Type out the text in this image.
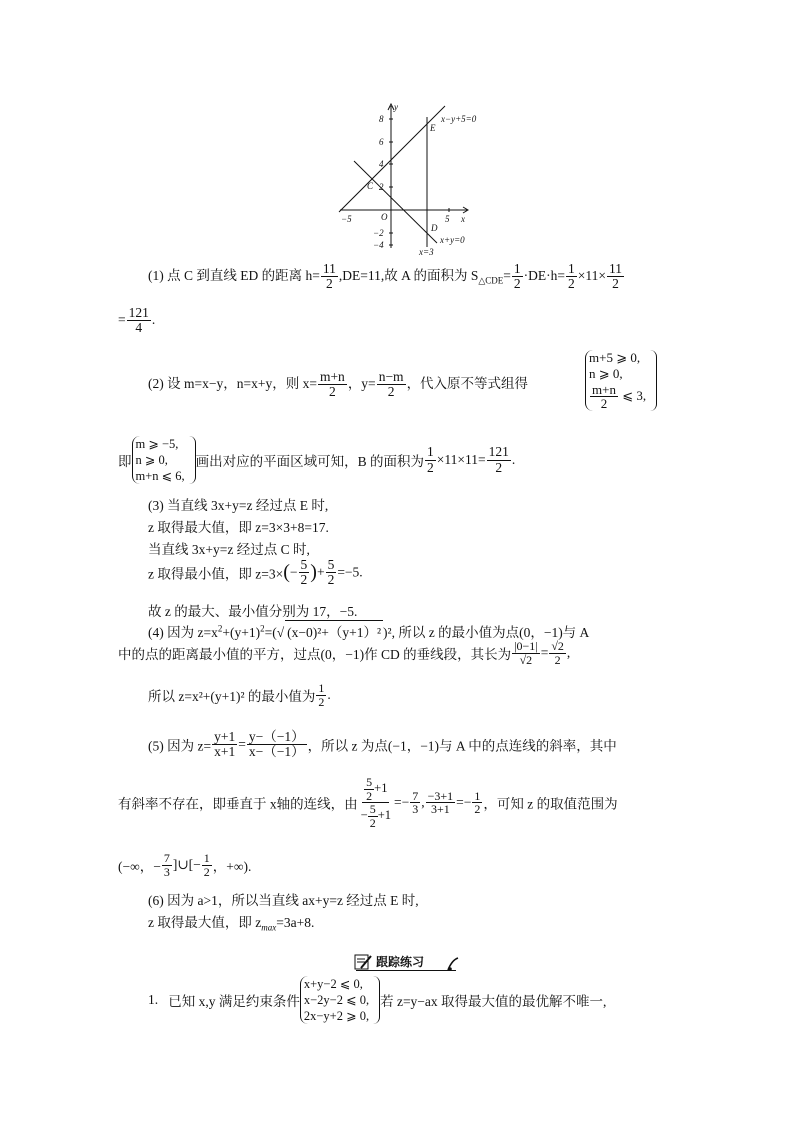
y
x
O
8
6
4
2
−2
−4
−5	5
C
E
D
x−y+5=0
x+y=0
x=3
(1) 点 C 到直线 ED 的距离 $h= \frac{11}{2} ,DE=11$,故 A 的面积为 $S_{\triangle CDE}= \frac{1}{2} \cdot DE\cdot h= \frac{1}{2} \times 11\times \frac{11}{2}$
= $\frac{121}{4}$ .
(2) 设 m=x−y，n=x+y，则 $x= \frac{m+n}{2}$ ，$y= \frac{n-m}{2}$ ，代入原不等式组得
m+5 ⩾ 0,
n ⩾ 0,
$\frac{m+n}{2}$ ⩽ 3,
即
m ⩾ −5,
n ⩾ 0,
m+n ⩽ 6,
画出对应的平面区域可知，B 的面积为 $\frac{1}{2} \times 11\times 11= \frac{121}{2}$ .
(3) 当直线 3x+y=z 经过点 E 时,
z 取得最大值，即 z=3×3+8=17.
当直线 3x+y=z 经过点 C 时,
z 取得最小值，即 $z=3\times(- \frac{5}{2}$ )+ $\frac{5}{2} =-5$.
故 z 的最大、最小值分别为 17，−5.
(4) 因为 $z=x^2+(y+1)^2=(√$ (x−0)²+（y+1）² )², 所以 z 的最小值为点(0，−1)与 A
中的点的距离最小值的平方，过点(0，−1)作 CD 的垂线段，其长为 $\frac{|0-1|}{√2} = \frac{√2}{2}$ ,
所以 z=x²+(y+1)² 的最小值为 $\frac{1}{2}$ .
(5) 因为 $z= \frac{y+1}{x+1} = \frac{y-(-1)}{x-(-1)}$ ，所以 z 为点(−1，−1)与 A 中的点连线的斜率，其中
有斜率不存在，即垂直于 x轴的连线，由 $\frac{\frac{5}{2} +1}{- \frac{5}{2} +1} =- \frac{7}{3}$ , $\frac{-3+1}{3+1} =- \frac{1}{2}$ ，可知 z 的取值范围为
(−∞，− $\frac{7}{3}$ ]∪[− $\frac{1}{2}$ ，+∞).
(6) 因为 a>1，所以当直线 ax+y=z 经过点 E 时,
z 取得最大值，即 $z_{max}=3a+8$.
跟踪练习
1. 已知 x,y 满足约束条件
x+y−2 ⩽ 0,
x−2y−2 ⩽ 0,
2x−y+2 ⩾ 0,
若 z=y−ax 取得最大值的最优解不唯一,
